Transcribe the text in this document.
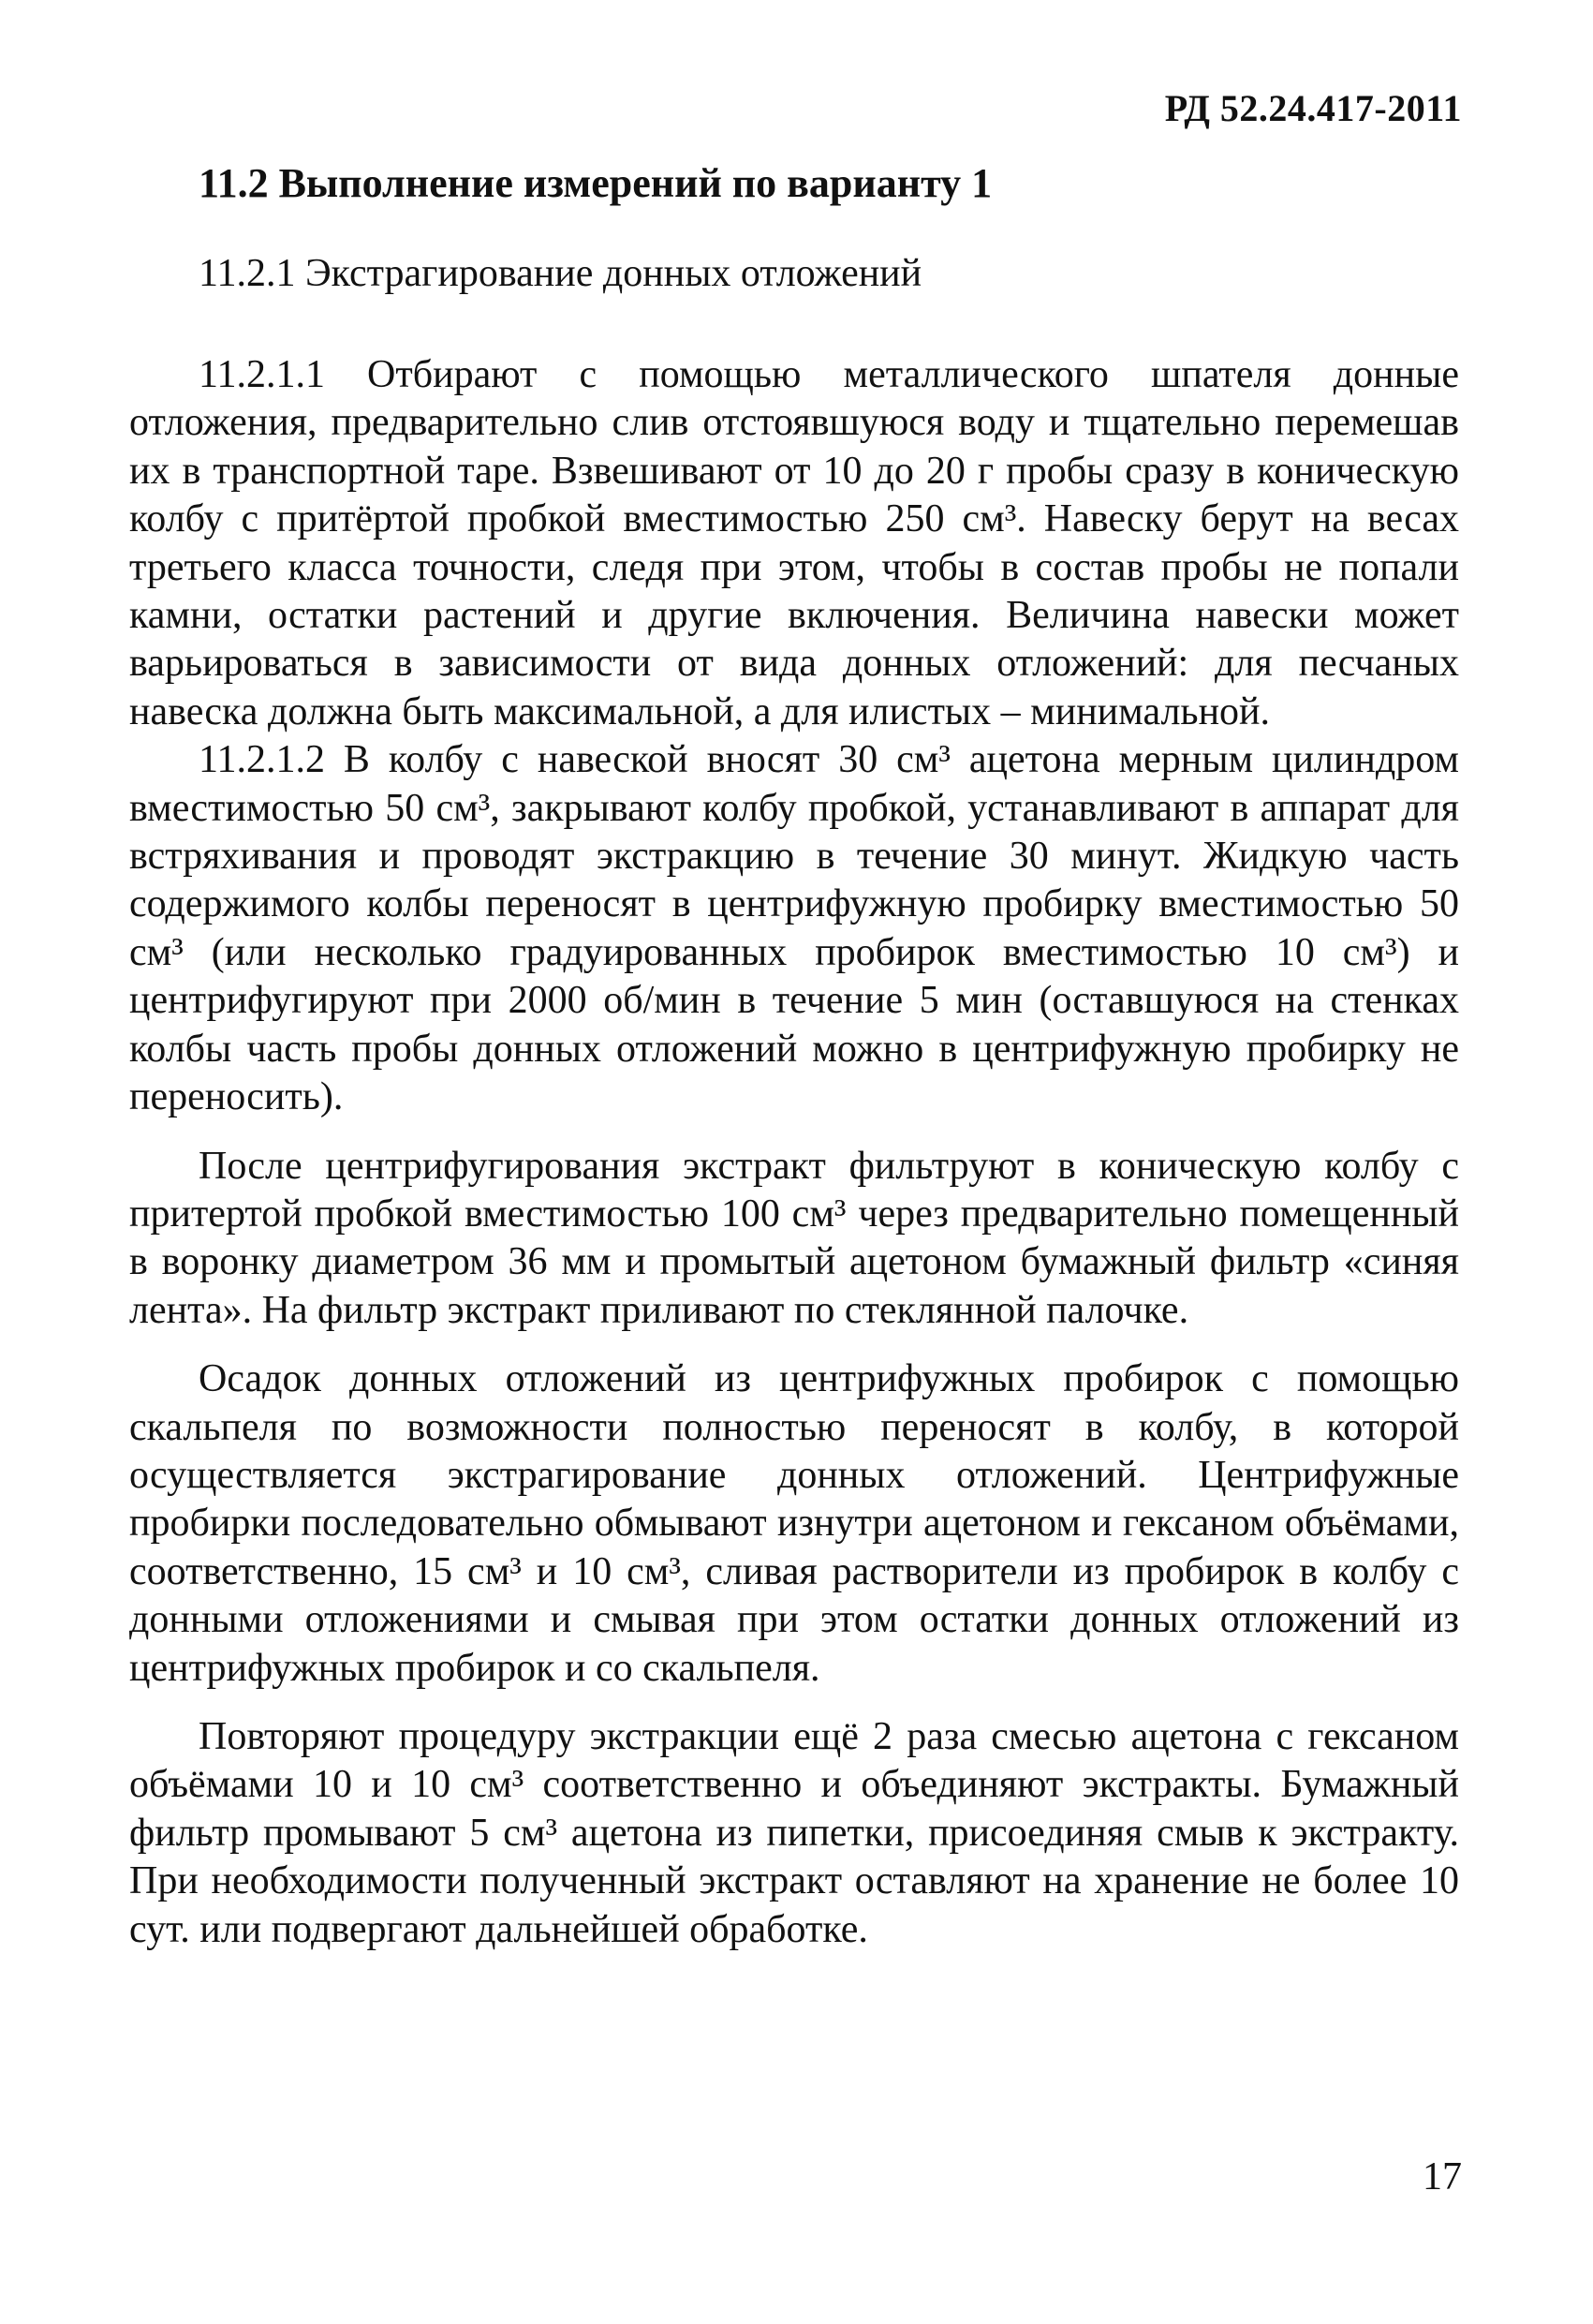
РД 52.24.417-2011
11.2 Выполнение измерений по варианту 1
11.2.1 Экстрагирование донных отложений

11.2.1.1 Отбирают с помощью металлического шпателя донные отложения, предварительно слив отстоявшуюся воду и тщательно перемешав их в транспортной таре. Взвешивают от 10 до 20 г пробы сразу в коническую колбу с притёртой пробкой вместимостью 250 см³. Навеску берут на весах третьего класса точности, следя при этом, чтобы в состав пробы не попали камни, остатки растений и другие включения. Величина навески может варьироваться в зависимости от вида донных отложений: для песчаных навеска должна быть максимальной, а для илистых – минимальной.

11.2.1.2 В колбу с навеской вносят 30 см³ ацетона мерным цилиндром вместимостью 50 см³, закрывают колбу пробкой, устанавливают в аппарат для встряхивания и проводят экстракцию в течение 30 минут. Жидкую часть содержимого колбы переносят в центрифужную пробирку вместимостью 50 см³ (или несколько градуированных пробирок вместимостью 10 см³) и центрифугируют при 2000 об/мин в течение 5 мин (оставшуюся на стенках колбы часть пробы донных отложений можно в центрифужную пробирку не переносить).

После центрифугирования экстракт фильтруют в коническую колбу с притертой пробкой вместимостью 100 см³ через предварительно помещенный в воронку диаметром 36 мм и промытый ацетоном бумажный фильтр «синяя лента». На фильтр экстракт приливают по стеклянной палочке.

Осадок донных отложений из центрифужных пробирок с помощью скальпеля по возможности полностью переносят в колбу, в которой осуществляется экстрагирование донных отложений. Центрифужные пробирки последовательно обмывают изнутри ацетоном и гексаном объёмами, соответственно, 15 см³ и 10 см³, сливая растворители из пробирок в колбу с донными отложениями и смывая при этом остатки донных отложений из центрифужных пробирок и со скальпеля.

Повторяют процедуру экстракции ещё 2 раза смесью ацетона с гексаном объёмами 10 и 10 см³ соответственно и объединяют экстракты. Бумажный фильтр промывают 5 см³ ацетона из пипетки, присоединяя смыв к экстракту. При необходимости полученный экстракт оставляют на хранение не более 10 сут. или подвергают дальнейшей обработке.

17
